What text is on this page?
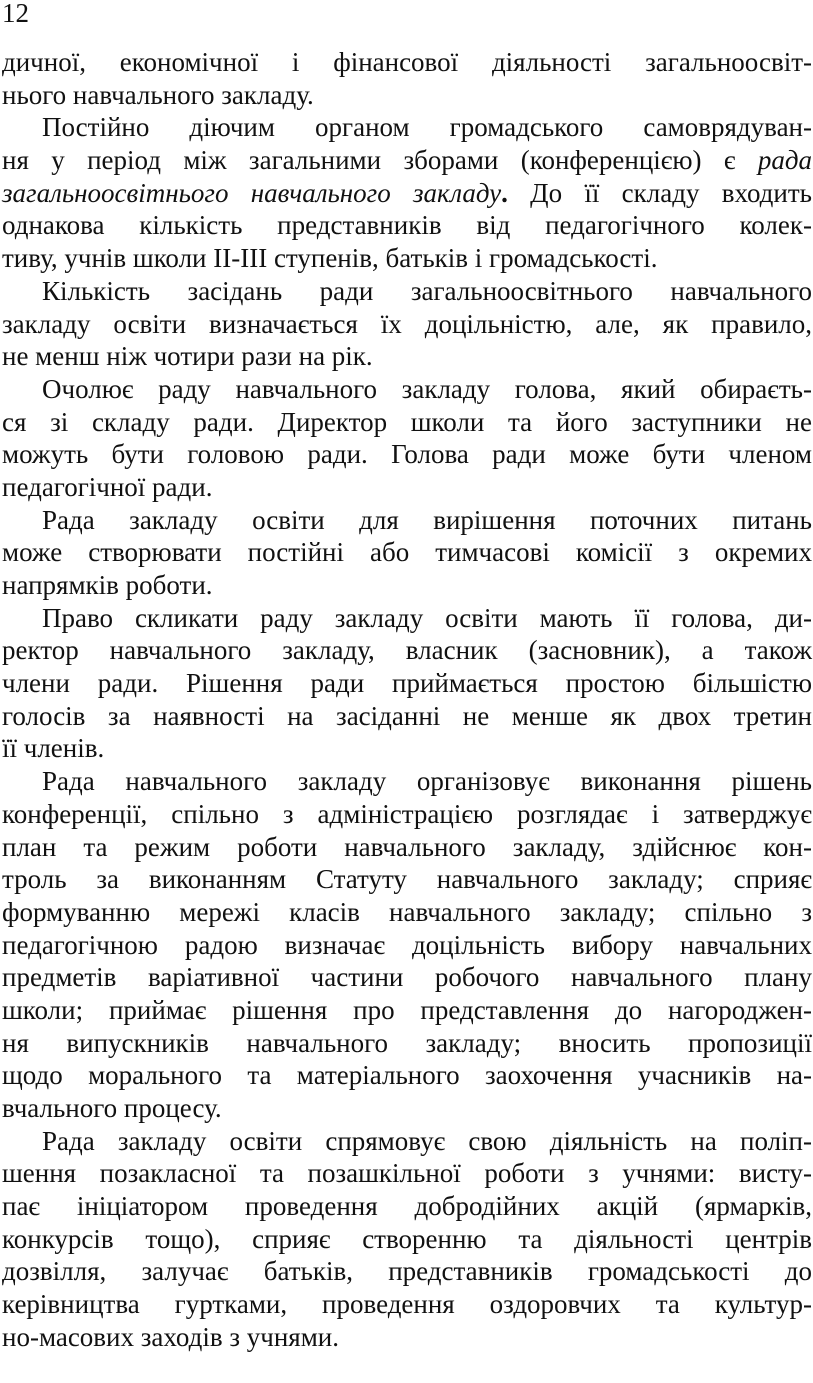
12
дичної, економічної і фінансової діяльності загальноосвіт-
нього навчального закладу.
Постійно діючим органом громадського самоврядуван-
ня у період між загальними зборами (конференцією) є рада
загальноосвітнього навчального закладу. До її складу входить
однакова кількість представників від педагогічного колек-
тиву, учнів школи ІІ-ІІІ ступенів, батьків і громадськості.
Кількість засідань ради загальноосвітнього навчального
закладу освіти визначається їх доцільністю, але, як правило,
не менш ніж чотири рази на рік.
Очолює раду навчального закладу голова, який обираєть-
ся зі складу ради. Директор школи та його заступники не
можуть бути головою ради. Голова ради може бути членом
педагогічної ради.
Рада закладу освіти для вирішення поточних питань
може створювати постійні або тимчасові комісії з окремих
напрямків роботи.
Право скликати раду закладу освіти мають її голова, ди-
ректор навчального закладу, власник (засновник), а також
члени ради. Рішення ради приймається простою більшістю
голосів за наявності на засіданні не менше як двох третин
її членів.
Рада навчального закладу організовує виконання рішень
конференції, спільно з адміністрацією розглядає і затверджує
план та режим роботи навчального закладу, здійснює кон-
троль за виконанням Статуту навчального закладу; сприяє
формуванню мережі класів навчального закладу; спільно з
педагогічною радою визначає доцільність вибору навчальних
предметів варіативної частини робочого навчального плану
школи; приймає рішення про представлення до нагороджен-
ня випускників навчального закладу; вносить пропозиції
щодо морального та матеріального заохочення учасників на-
вчального процесу.
Рада закладу освіти спрямовує свою діяльність на поліп-
шення позакласної та позашкільної роботи з учнями: висту-
пає ініціатором проведення добродійних акцій (ярмарків,
конкурсів тощо), сприяє створенню та діяльності центрів
дозвілля, залучає батьків, представників громадськості до
керівництва гуртками, проведення оздоровчих та культур-
но-масових заходів з учнями.
